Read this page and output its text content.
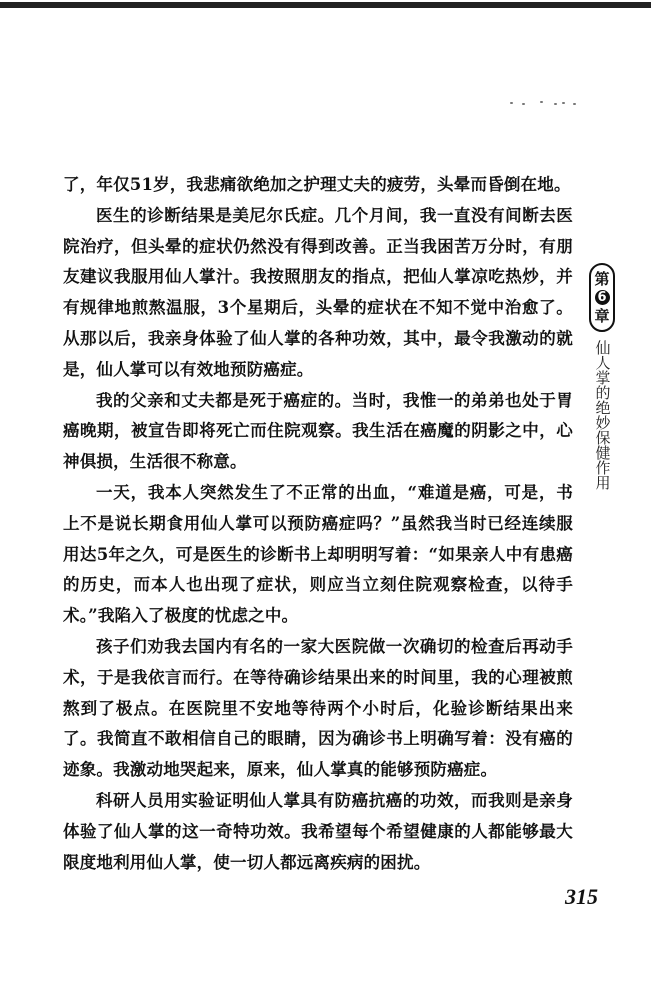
了，年仅51岁，我悲痛欲绝加之护理丈夫的疲劳，头晕而昏倒在地。

医生的诊断结果是美尼尔氏症。几个月间，我一直没有间断去医院治疗，但头晕的症状仍然没有得到改善。正当我困苦万分时，有朋友建议我服用仙人掌汁。我按照朋友的指点，把仙人掌凉吃热炒，并有规律地煎熬温服，3个星期后，头晕的症状在不知不觉中治愈了。从那以后，我亲身体验了仙人掌的各种功效，其中，最令我激动的就是，仙人掌可以有效地预防癌症。

我的父亲和丈夫都是死于癌症的。当时，我惟一的弟弟也处于胃癌晚期，被宣告即将死亡而住院观察。我生活在癌魔的阴影之中，心神俱损，生活很不称意。

一天，我本人突然发生了不正常的出血，“难道是癌，可是，书上不是说长期食用仙人掌可以预防癌症吗？”虽然我当时已经连续服用达5年之久，可是医生的诊断书上却明明写着：“如果亲人中有患癌的历史，而本人也出现了症状，则应当立刻住院观察检查，以待手术。”我陷入了极度的忧虑之中。

孩子们劝我去国内有名的一家大医院做一次确切的检查后再动手术，于是我依言而行。在等待确诊结果出来的时间里，我的心理被煎熬到了极点。在医院里不安地等待两个小时后，化验诊断结果出来了。我简直不敢相信自己的眼睛，因为确诊书上明确写着：没有癌的迹象。我激动地哭起来，原来，仙人掌真的能够预防癌症。

科研人员用实验证明仙人掌具有防癌抗癌的功效，而我则是亲身体验了仙人掌的这一奇特功效。我希望每个希望健康的人都能够最大限度地利用仙人掌，使一切人都远离疾病的困扰。

第
6
章
仙人掌的绝妙保健作用
315
